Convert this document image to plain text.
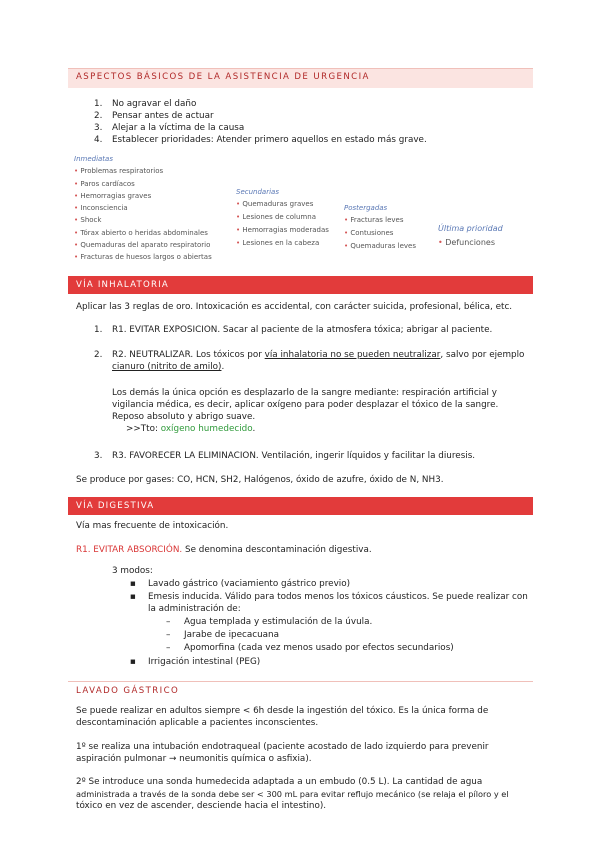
ASPECTOS BÁSICOS DE LA ASISTENCIA DE URGENCIA
1. No agravar el daño
2. Pensar antes de actuar
3. Alejar a la víctima de la causa
4. Establecer prioridades: Atender primero aquellos en estado más grave.
Inmediatas
• Problemas respiratorios
• Paros cardíacos
• Hemorragias graves
• Inconsciencia
• Shock
• Tórax abierto o heridas abdominales
• Quemaduras del aparato respiratorio
• Fracturas de huesos largos o abiertas
Secundarias
• Quemaduras graves
• Lesiones de columna
• Hemorragias moderadas
• Lesiones en la cabeza
Postergadas
• Fracturas leves
• Contusiones
• Quemaduras leves
Última prioridad
• Defunciones
VÍA INHALATORIA
Aplicar las 3 reglas de oro. Intoxicación es accidental, con carácter suicida, profesional, bélica, etc.
1. R1. EVITAR EXPOSICION. Sacar al paciente de la atmosfera tóxica; abrigar al paciente.
2. R2. NEUTRALIZAR. Los tóxicos por vía inhalatoria no se pueden neutralizar, salvo por ejemplo
cianuro (nitrito de amilo).
Los demás la única opción es desplazarlo de la sangre mediante: respiración artificial y
vigilancia médica, es decir, aplicar oxígeno para poder desplazar el tóxico de la sangre.
Reposo absoluto y abrigo suave.
>>Tto: oxígeno humedecido.
3. R3. FAVORECER LA ELIMINACION. Ventilación, ingerir líquidos y facilitar la diuresis.
Se produce por gases: CO, HCN, SH2, Halógenos, óxido de azufre, óxido de N, NH3.
VÍA DIGESTIVA
Vía mas frecuente de intoxicación.
R1. EVITAR ABSORCIÓN. Se denomina descontaminación digestiva.
3 modos:
▪ Lavado gástrico (vaciamiento gástrico previo)
▪ Emesis inducida. Válido para todos menos los tóxicos cáusticos. Se puede realizar con
la administración de:
– Agua templada y estimulación de la úvula.
– Jarabe de ipecacuana
– Apomorfina (cada vez menos usado por efectos secundarios)
▪ Irrigación intestinal (PEG)
LAVADO GÁSTRICO
Se puede realizar en adultos siempre < 6h desde la ingestión del tóxico. Es la única forma de
descontaminación aplicable a pacientes inconscientes.
1º se realiza una intubación endotraqueal (paciente acostado de lado izquierdo para prevenir
aspiración pulmonar → neumonitis química o asfixia).
2º Se introduce una sonda humedecida adaptada a un embudo (0.5 L). La cantidad de agua
administrada a través de la sonda debe ser < 300 mL para evitar reflujo mecánico (se relaja el píloro y el
tóxico en vez de ascender, desciende hacia el intestino).
